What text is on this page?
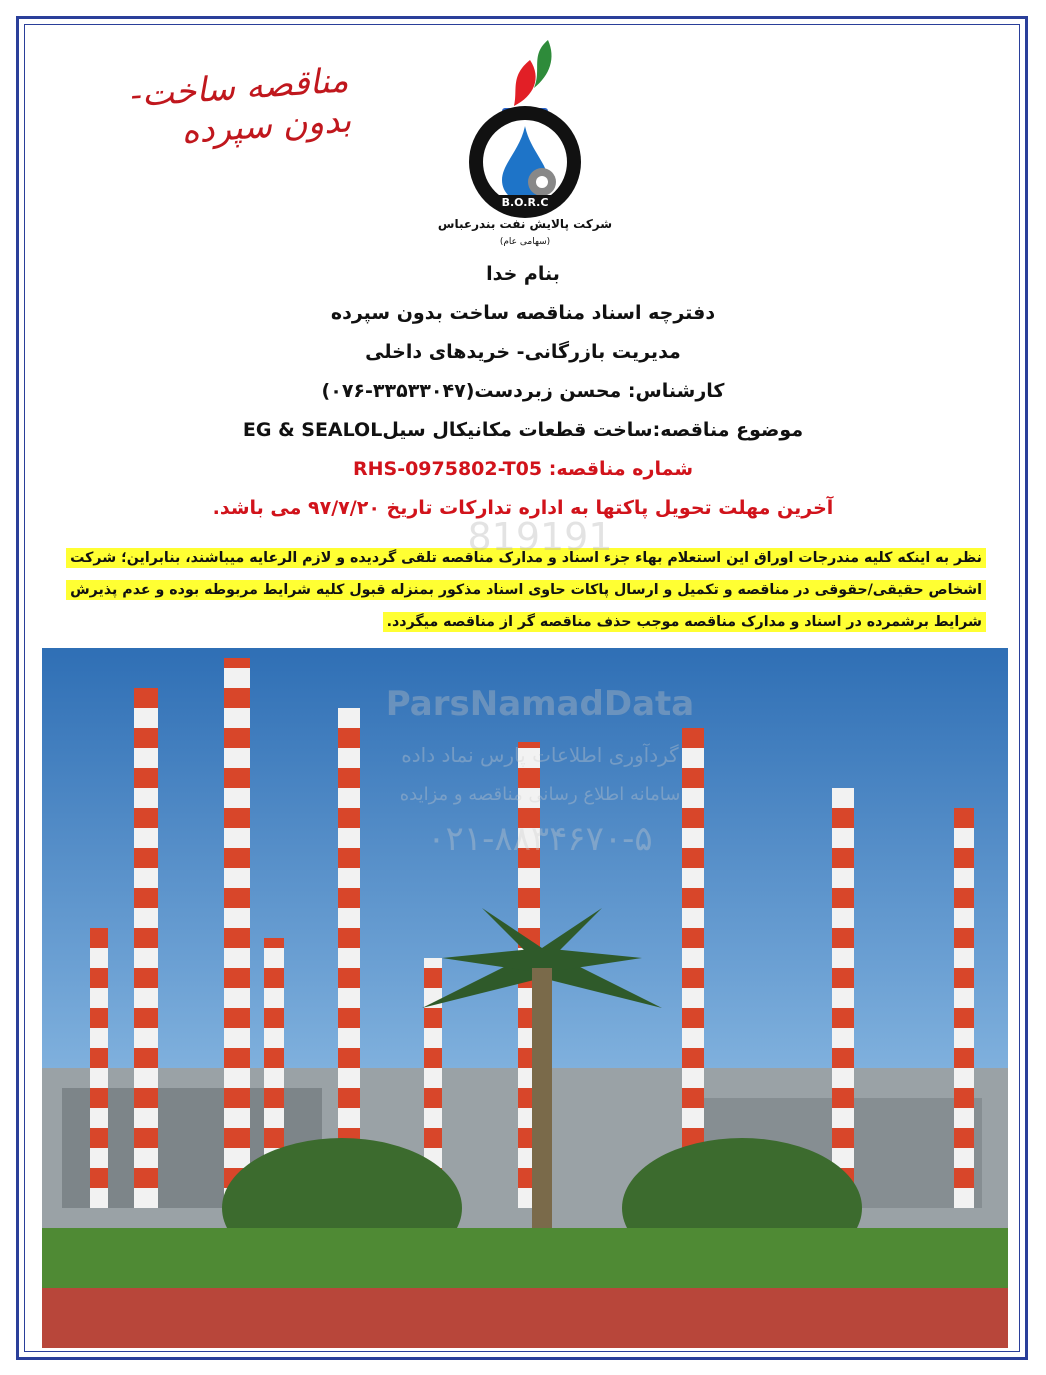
مناقصه ساخت- بدون سپرده
B.O.R.C
شرکت پالایش نفت بندرعباس
(سهامی عام)
بنام خدا
دفترچه اسناد مناقصه ساخت بدون سپرده
مدیریت بازرگانی- خریدهای داخلی
کارشناس: محسن زبردست(۳۳۵۳۳۰۴۷-۰۷۶)
موضوع مناقصه:ساخت قطعات مکانیکال سیلEG & SEALOL
شماره مناقصه: RHS-0975802-T05
آخرین مهلت تحویل پاکتها به اداره تدارکات تاریخ ۹۷/۷/۲۰ می باشد.
نظر به اینکه کلیه مندرجات اوراق این استعلام بهاء جزء اسناد و مدارک مناقصه تلقی گردیده و لازم الرعایه میباشند، بنابراین؛ شرکت اشخاص حقیقی/حقوقی در مناقصه و تکمیل و ارسال پاکات حاوی اسناد مذکور بمنزله قبول کلیه شرایط مربوطه بوده و عدم پذیرش شرایط برشمرده در اسناد و مدارک مناقصه موجب حذف مناقصه گر از مناقصه میگردد.
819191
ParsNamadData
گردآوری اطلاعات پارس نماد داده
سامانه اطلاع رسانی مناقصه و مزایده
۰۲۱-۸۸۳۴۶۷۰-۵
